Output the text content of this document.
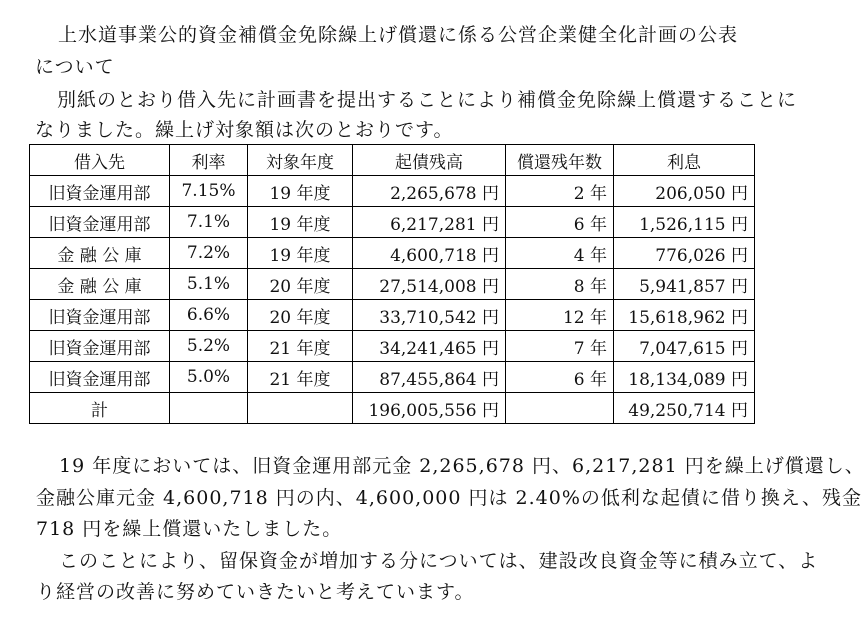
上水道事業公的資金補償金免除繰上げ償還に係る公営企業健全化計画の公表
について
別紙のとおり借入先に計画書を提出することにより補償金免除繰上償還することに
なりました。繰上げ対象額は次のとおりです。
借入先	利率	対象年度	起債残高	償還残年数	利息
旧資金運用部	7.15%	19 年度	2,265,678 円	2 年	206,050 円
旧資金運用部	7.1%	19 年度	6,217,281 円	6 年	1,526,115 円
金 融 公 庫	7.2%	19 年度	4,600,718 円	4 年	776,026 円
金 融 公 庫	5.1%	20 年度	27,514,008 円	8 年	5,941,857 円
旧資金運用部	6.6%	20 年度	33,710,542 円	12 年	15,618,962 円
旧資金運用部	5.2%	21 年度	34,241,465 円	7 年	7,047,615 円
旧資金運用部	5.0%	21 年度	87,455,864 円	6 年	18,134,089 円
計			196,005,556 円		49,250,714 円
19 年度においては、旧資金運用部元金 2,265,678 円、6,217,281 円を繰上げ償還し、
金融公庫元金 4,600,718 円の内、4,600,000 円は 2.40%の低利な起債に借り換え、残金
718 円を繰上償還いたしました。
このことにより、留保資金が増加する分については、建設改良資金等に積み立て、よ
り経営の改善に努めていきたいと考えています。
